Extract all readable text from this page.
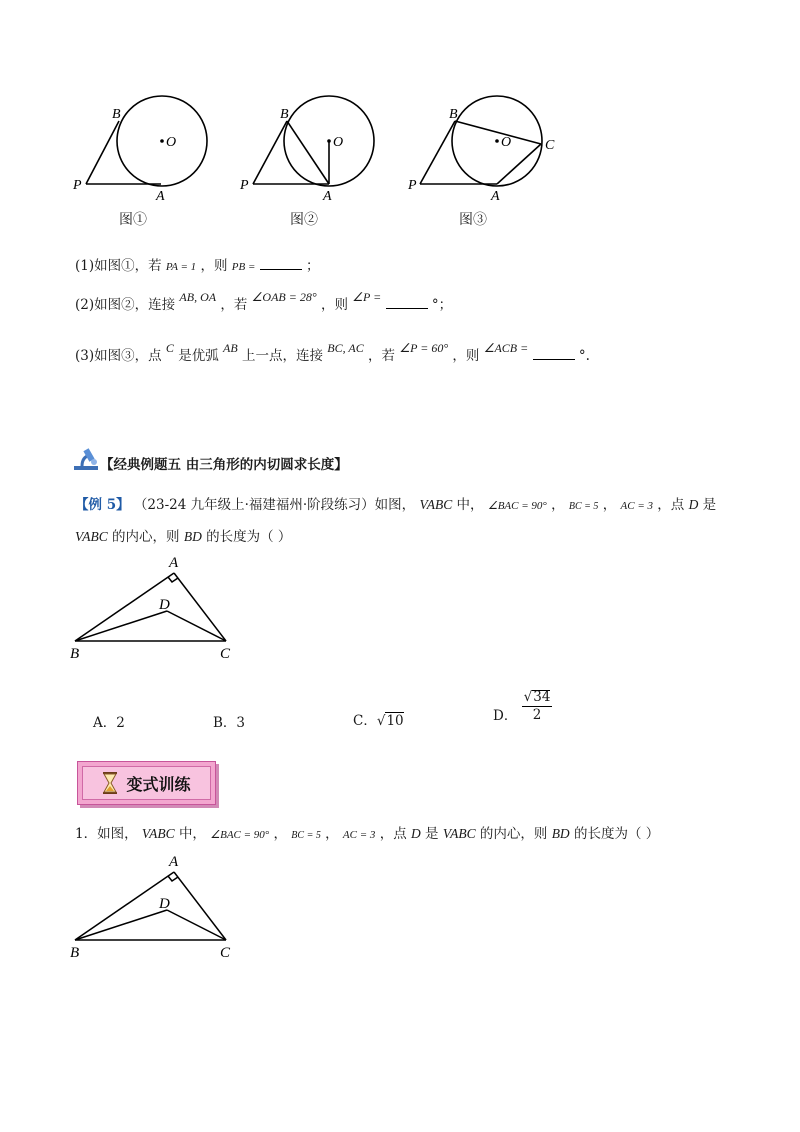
B
O
P
A
B
O
P
A
B
O C
P
A
图①	图②	图③
(1)如图①，若 PA = 1 ，则 PB =	；
(2)如图②，连接 AB, OA ，若 ∠OAB = 28° ，则 ∠P =	°；
(3)如图③，点 C 是优弧 AB 上一点，连接 BC, AC ，若 ∠P = 60° ，则 ∠ACB =	°.
【经典例题五 由三角形的内切圆求长度】
【例 5】 （23-24 九年级上·福建福州·阶段练习）如图， VABC 中， ∠BAC = 90° ， BC = 5 ， AC = 3 ，点 D 是
VABC 的内心，则 BD 的长度为（ ）
A
D
B	C
A．2	B．3	C．√10	D． $\frac{√34}{2}$
变式训练
1．如图， VABC 中， ∠BAC = 90° ， BC = 5 ， AC = 3 ，点 D 是 VABC 的内心，则 BD 的长度为（ ）
A
D
B	C
